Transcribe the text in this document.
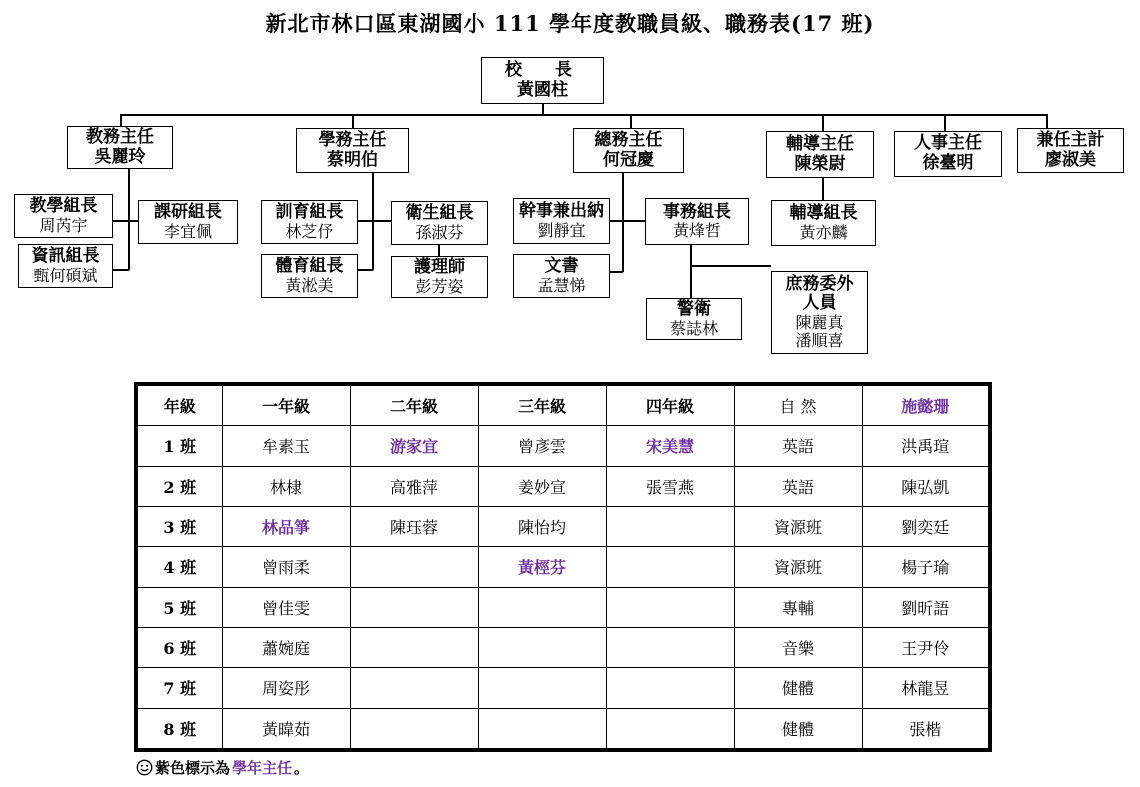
新北市林口區東湖國小 111 學年度教職員級、職務表(17 班)
校　長
黃國柱
教務主任
吳麗玲
教學組長
周芮宇
資訊組長
甄何碩斌
課研組長
李宜佩
學務主任
蔡明伯
訓育組長
林芝伃
體育組長
黃淞美
衛生組長
孫淑芬
護理師
彭芳姿
總務主任
何冠慶
幹事兼出納
劉靜宜
文書
孟慧悌
事務組長
黃烽哲
警衛
蔡誌林
庶務委外
人員
陳麗真
潘順喜
輔導主任
陳榮尉
輔導組長
黃亦麟
人事主任
徐臺明
兼任主計
廖淑美
年級	一年級	二年級	三年級	四年級	自 然	施懿珊
1 班	牟素玉	游家宜	曾彥雲	宋美慧	英語	洪禹瑄
2 班	林棣	高雅萍	姜妙宣	張雪燕	英語	陳弘凱
3 班	林品箏	陳珏蓉	陳怡均		資源班	劉奕廷
4 班	曾雨柔		黃桱芬		資源班	楊子瑜
5 班	曾佳雯				專輔	劉昕語
6 班	蕭婉庭				音樂	王尹伶
7 班	周姿彤				健體	林龍昱
8 班	黃暐茹				健體	張楷
紫色標示為 學年主任 。
